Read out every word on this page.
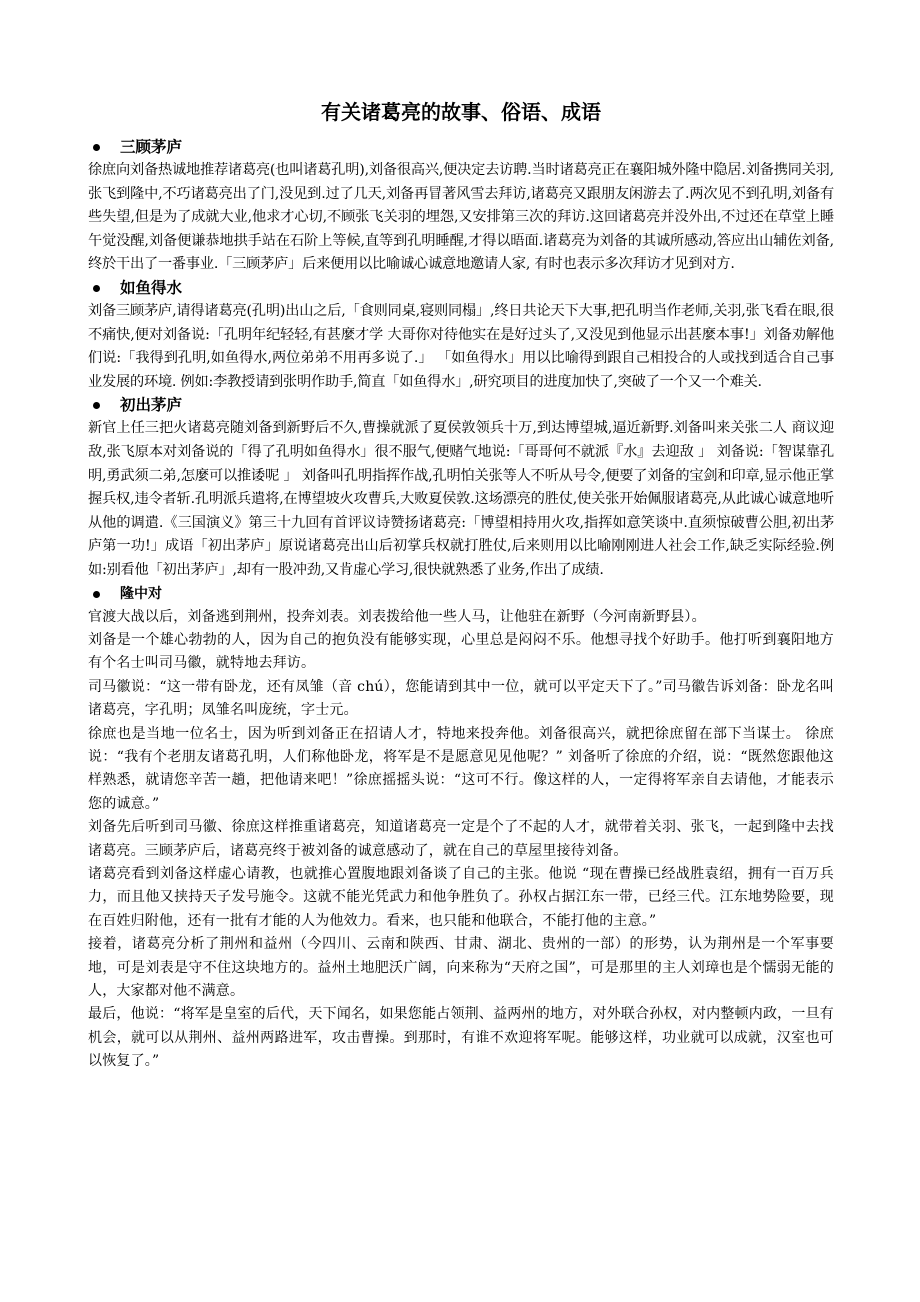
有关诸葛亮的故事、俗语、成语
三顾茅庐

徐庶向刘备热诚地推荐诸葛亮(也叫诸葛孔明),刘备很高兴,便决定去访聘.当时诸葛亮正在襄阳城外隆中隐居.刘备携同关羽,张飞到隆中,不巧诸葛亮出了门,没见到.过了几天,刘备再冒著风雪去拜访,诸葛亮又跟朋友闲游去了.两次见不到孔明,刘备有些失望,但是为了成就大业,他求才心切,不顾张飞关羽的埋怨,又安排第三次的拜访.这回诸葛亮并没外出,不过还在草堂上睡午觉没醒,刘备便谦恭地拱手站在石阶上等候,直等到孔明睡醒,才得以晤面.诸葛亮为刘备的其诚所感动,答应出山辅佐刘备,终於干出了一番事业.「三顾茅庐」后来便用以比喻诚心诚意地邀请人家, 有时也表示多次拜访才见到对方.

如鱼得水

刘备三顾茅庐,请得诸葛亮(孔明)出山之后,「食则同桌,寝则同榻」,终日共论天下大事,把孔明当作老师,关羽,张飞看在眼,很不痛快,便对刘备说:「孔明年纪轻轻,有甚麼才学 大哥你对待他实在是好过头了,又没见到他显示出甚麼本事!」刘备劝解他们说:「我得到孔明,如鱼得水,两位弟弟不用再多说了.」 「如鱼得水」用以比喻得到跟自己相投合的人或找到适合自己事业发展的环境. 例如:李教授请到张明作助手,简直「如鱼得水」,研究项目的进度加快了,突破了一个又一个难关.

初出茅庐

新官上任三把火诸葛亮随刘备到新野后不久,曹操就派了夏侯敦领兵十万,到达博望城,逼近新野.刘备叫来关张二人 商议迎敌,张飞原本对刘备说的「得了孔明如鱼得水」很不服气,便赌气地说:「哥哥何不就派『水』去迎敌 」 刘备说:「智谋靠孔明,勇武须二弟,怎麼可以推诿呢 」 刘备叫孔明指挥作战,孔明怕关张等人不听从号令,便要了刘备的宝剑和印章,显示他正掌握兵权,违令者斩.孔明派兵遣将,在博望坡火攻曹兵,大败夏侯敦.这场漂亮的胜仗,使关张开始佩服诸葛亮,从此诚心诚意地听从他的调遣.《三国演义》第三十九回有首评议诗赞扬诸葛亮:「博望相持用火攻,指挥如意笑谈中.直须惊破曹公胆,初出茅庐第一功!」成语「初出茅庐」原说诸葛亮出山后初掌兵权就打胜仗,后来则用以比喻刚刚进人社会工作,缺乏实际经验.例如:别看他「初出茅庐」,却有一股冲劲,又肯虚心学习,很快就熟悉了业务,作出了成绩.

隆中对

官渡大战以后，刘备逃到荆州，投奔刘表。刘表拨给他一些人马，让他驻在新野（今河南新野县）。

刘备是一个雄心勃勃的人，因为自己的抱负没有能够实现，心里总是闷闷不乐。他想寻找个好助手。他打听到襄阳地方有个名士叫司马徽，就特地去拜访。

司马徽说：“这一带有卧龙，还有凤雏（音 chú），您能请到其中一位，就可以平定天下了。”司马徽告诉刘备：卧龙名叫诸葛亮，字孔明；凤雏名叫庞统，字士元。

徐庶也是当地一位名士，因为听到刘备正在招请人才，特地来投奔他。刘备很高兴，就把徐庶留在部下当谋士。 徐庶说：“我有个老朋友诸葛孔明，人们称他卧龙，将军是不是愿意见见他呢？” 刘备听了徐庶的介绍，说：“既然您跟他这样熟悉，就请您辛苦一趟，把他请来吧！”徐庶摇摇头说：“这可不行。像这样的人，一定得将军亲自去请他，才能表示您的诚意。”

刘备先后听到司马徽、徐庶这样推重诸葛亮，知道诸葛亮一定是个了不起的人才，就带着关羽、张飞，一起到隆中去找诸葛亮。三顾茅庐后，诸葛亮终于被刘备的诚意感动了，就在自己的草屋里接待刘备。

诸葛亮看到刘备这样虚心请教，也就推心置腹地跟刘备谈了自己的主张。他说 “现在曹操已经战胜袁绍，拥有一百万兵力，而且他又挟持天子发号施令。这就不能光凭武力和他争胜负了。孙权占据江东一带，已经三代。江东地势险要，现在百姓归附他，还有一批有才能的人为他效力。看来，也只能和他联合，不能打他的主意。”

接着，诸葛亮分析了荆州和益州（今四川、云南和陕西、甘肃、湖北、贵州的一部）的形势，认为荆州是一个军事要地，可是刘表是守不住这块地方的。益州土地肥沃广阔，向来称为“天府之国”，可是那里的主人刘璋也是个懦弱无能的人，大家都对他不满意。

最后，他说：“将军是皇室的后代，天下闻名，如果您能占领荆、益两州的地方，对外联合孙权，对内整顿内政，一旦有机会，就可以从荆州、益州两路进军，攻击曹操。到那时，有谁不欢迎将军呢。能够这样，功业就可以成就，汉室也可以恢复了。”
